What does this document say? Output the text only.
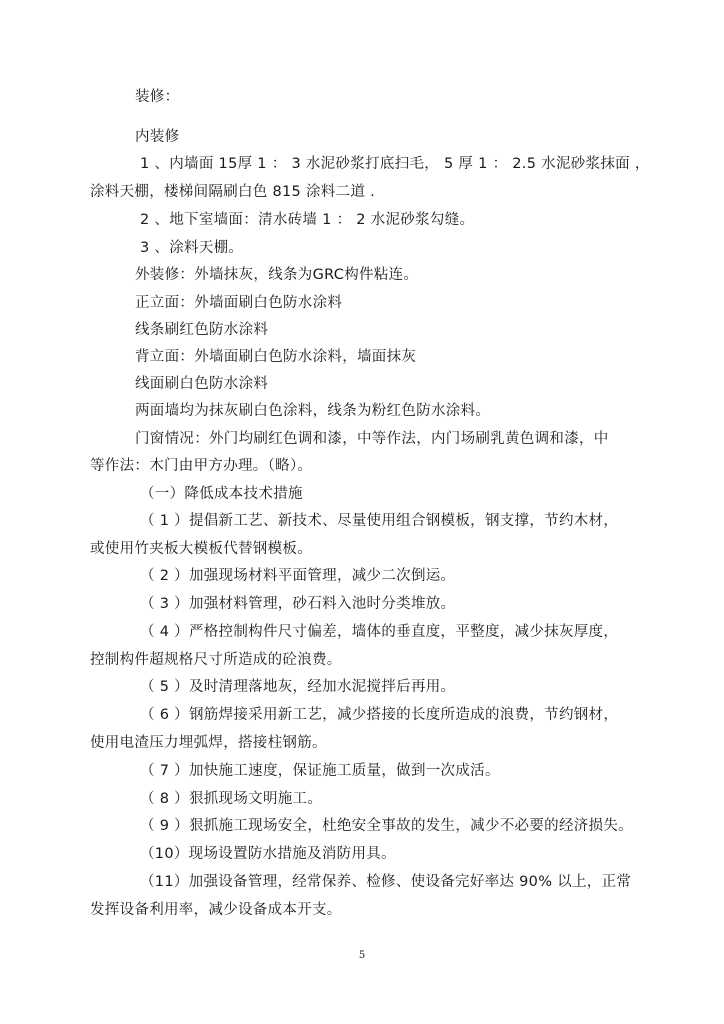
装修：
内装修
1 、内墙面 15厚 1 ： 3 水泥砂浆打底扫毛， 5 厚 1 ： 2.5 水泥砂浆抹面 ，
涂料天棚，楼梯间隔刷白色 815 涂料二道 .
2 、地下室墙面：清水砖墙 1 ： 2 水泥砂浆勾缝。
3 、涂料天棚。
外装修：外墙抹灰，线条为GRC构件粘连。
正立面：外墙面刷白色防水涂料
线条刷红色防水涂料
背立面：外墙面刷白色防水涂料，墙面抹灰
线面刷白色防水涂料
两面墙均为抹灰刷白色涂料，线条为粉红色防水涂料。
门窗情况：外门均刷红色调和漆，中等作法，内门场刷乳黄色调和漆，中
等作法：木门由甲方办理。（略）。
（一）降低成本技术措施
（ 1 ）提倡新工艺、新技术、尽量使用组合钢模板，钢支撑，节约木材，
或使用竹夹板大模板代替钢模板。
（ 2 ）加强现场材料平面管理，减少二次倒运。
（ 3 ）加强材料管理，砂石料入池时分类堆放。
（ 4 ）严格控制构件尺寸偏差，墙体的垂直度，平整度，减少抹灰厚度，
控制构件超规格尺寸所造成的砼浪费。
（ 5 ）及时清理落地灰，经加水泥搅拌后再用。
（ 6 ）钢筋焊接采用新工艺，减少搭接的长度所造成的浪费，节约钢材，
使用电渣压力埋弧焊，搭接柱钢筋。
（ 7 ）加快施工速度，保证施工质量，做到一次成活。
（ 8 ）狠抓现场文明施工。
（ 9 ）狠抓施工现场安全，杜绝安全事故的发生，减少不必要的经济损失。
（10）现场设置防水措施及消防用具。
（11）加强设备管理，经常保养、检修、使设备完好率达 90% 以上，正常
发挥设备利用率，减少设备成本开支。
5
